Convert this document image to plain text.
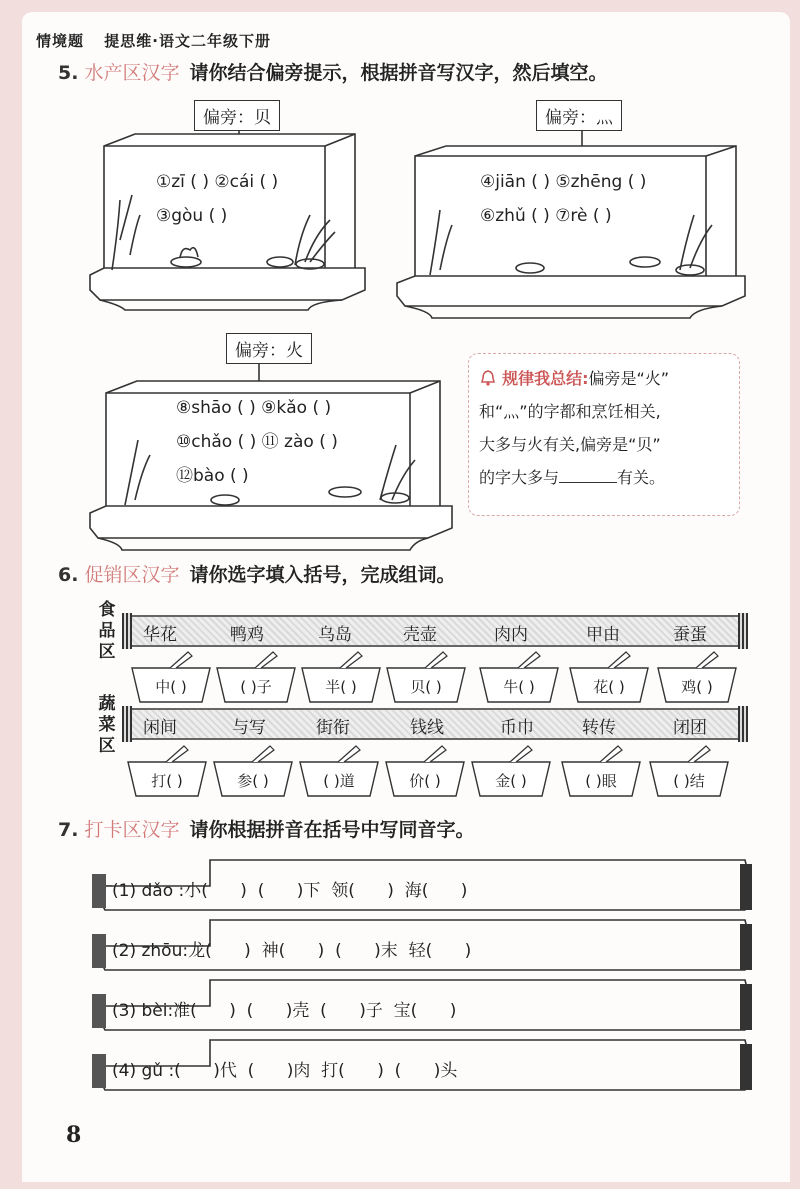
情境题 提思维·语文二年级下册
5. 水产区汉字 请你结合偏旁提示，根据拼音写汉字，然后填空。
偏旁：贝
①zī ( ) ②cái ( )
③gòu ( )
偏旁：灬
④jiān ( ) ⑤zhēng ( )
⑥zhǔ ( ) ⑦rè ( )
偏旁：火
⑧shāo ( ) ⑨kǎo ( )
⑩chǎo ( ) ⑪ zào ( )
⑫bào ( )
规律我总结:偏旁是“火”
和“灬”的字都和烹饪相关,
大多与火有关,偏旁是“贝”
的字大多与	有关。
6. 促销区汉字 请你选字填入括号，完成组词。
食
品
区
华花	鸭鸡	乌岛	壳壶	肉内	甲由	蚕蛋
中( )	( )子	半( )	贝( )	牛( )	花( )	鸡( )
蔬
菜
区
闲间	与写	街衔	钱线	币巾	转传	闭团
打( )	参( )	( )道	价( )	金( )	( )眼	( )结
7. 打卡区汉字 请你根据拼音在括号中写同音字。
(1) dǎo :小(      )  (      )下  领(      )  海(      )
(2) zhōu:龙(      )  神(      )  (      )末  轻(      )
(3) bèi:准(      )  (      )壳  (      )子  宝(      )
(4) gǔ :(      )代  (      )肉  打(      )  (      )头
8
